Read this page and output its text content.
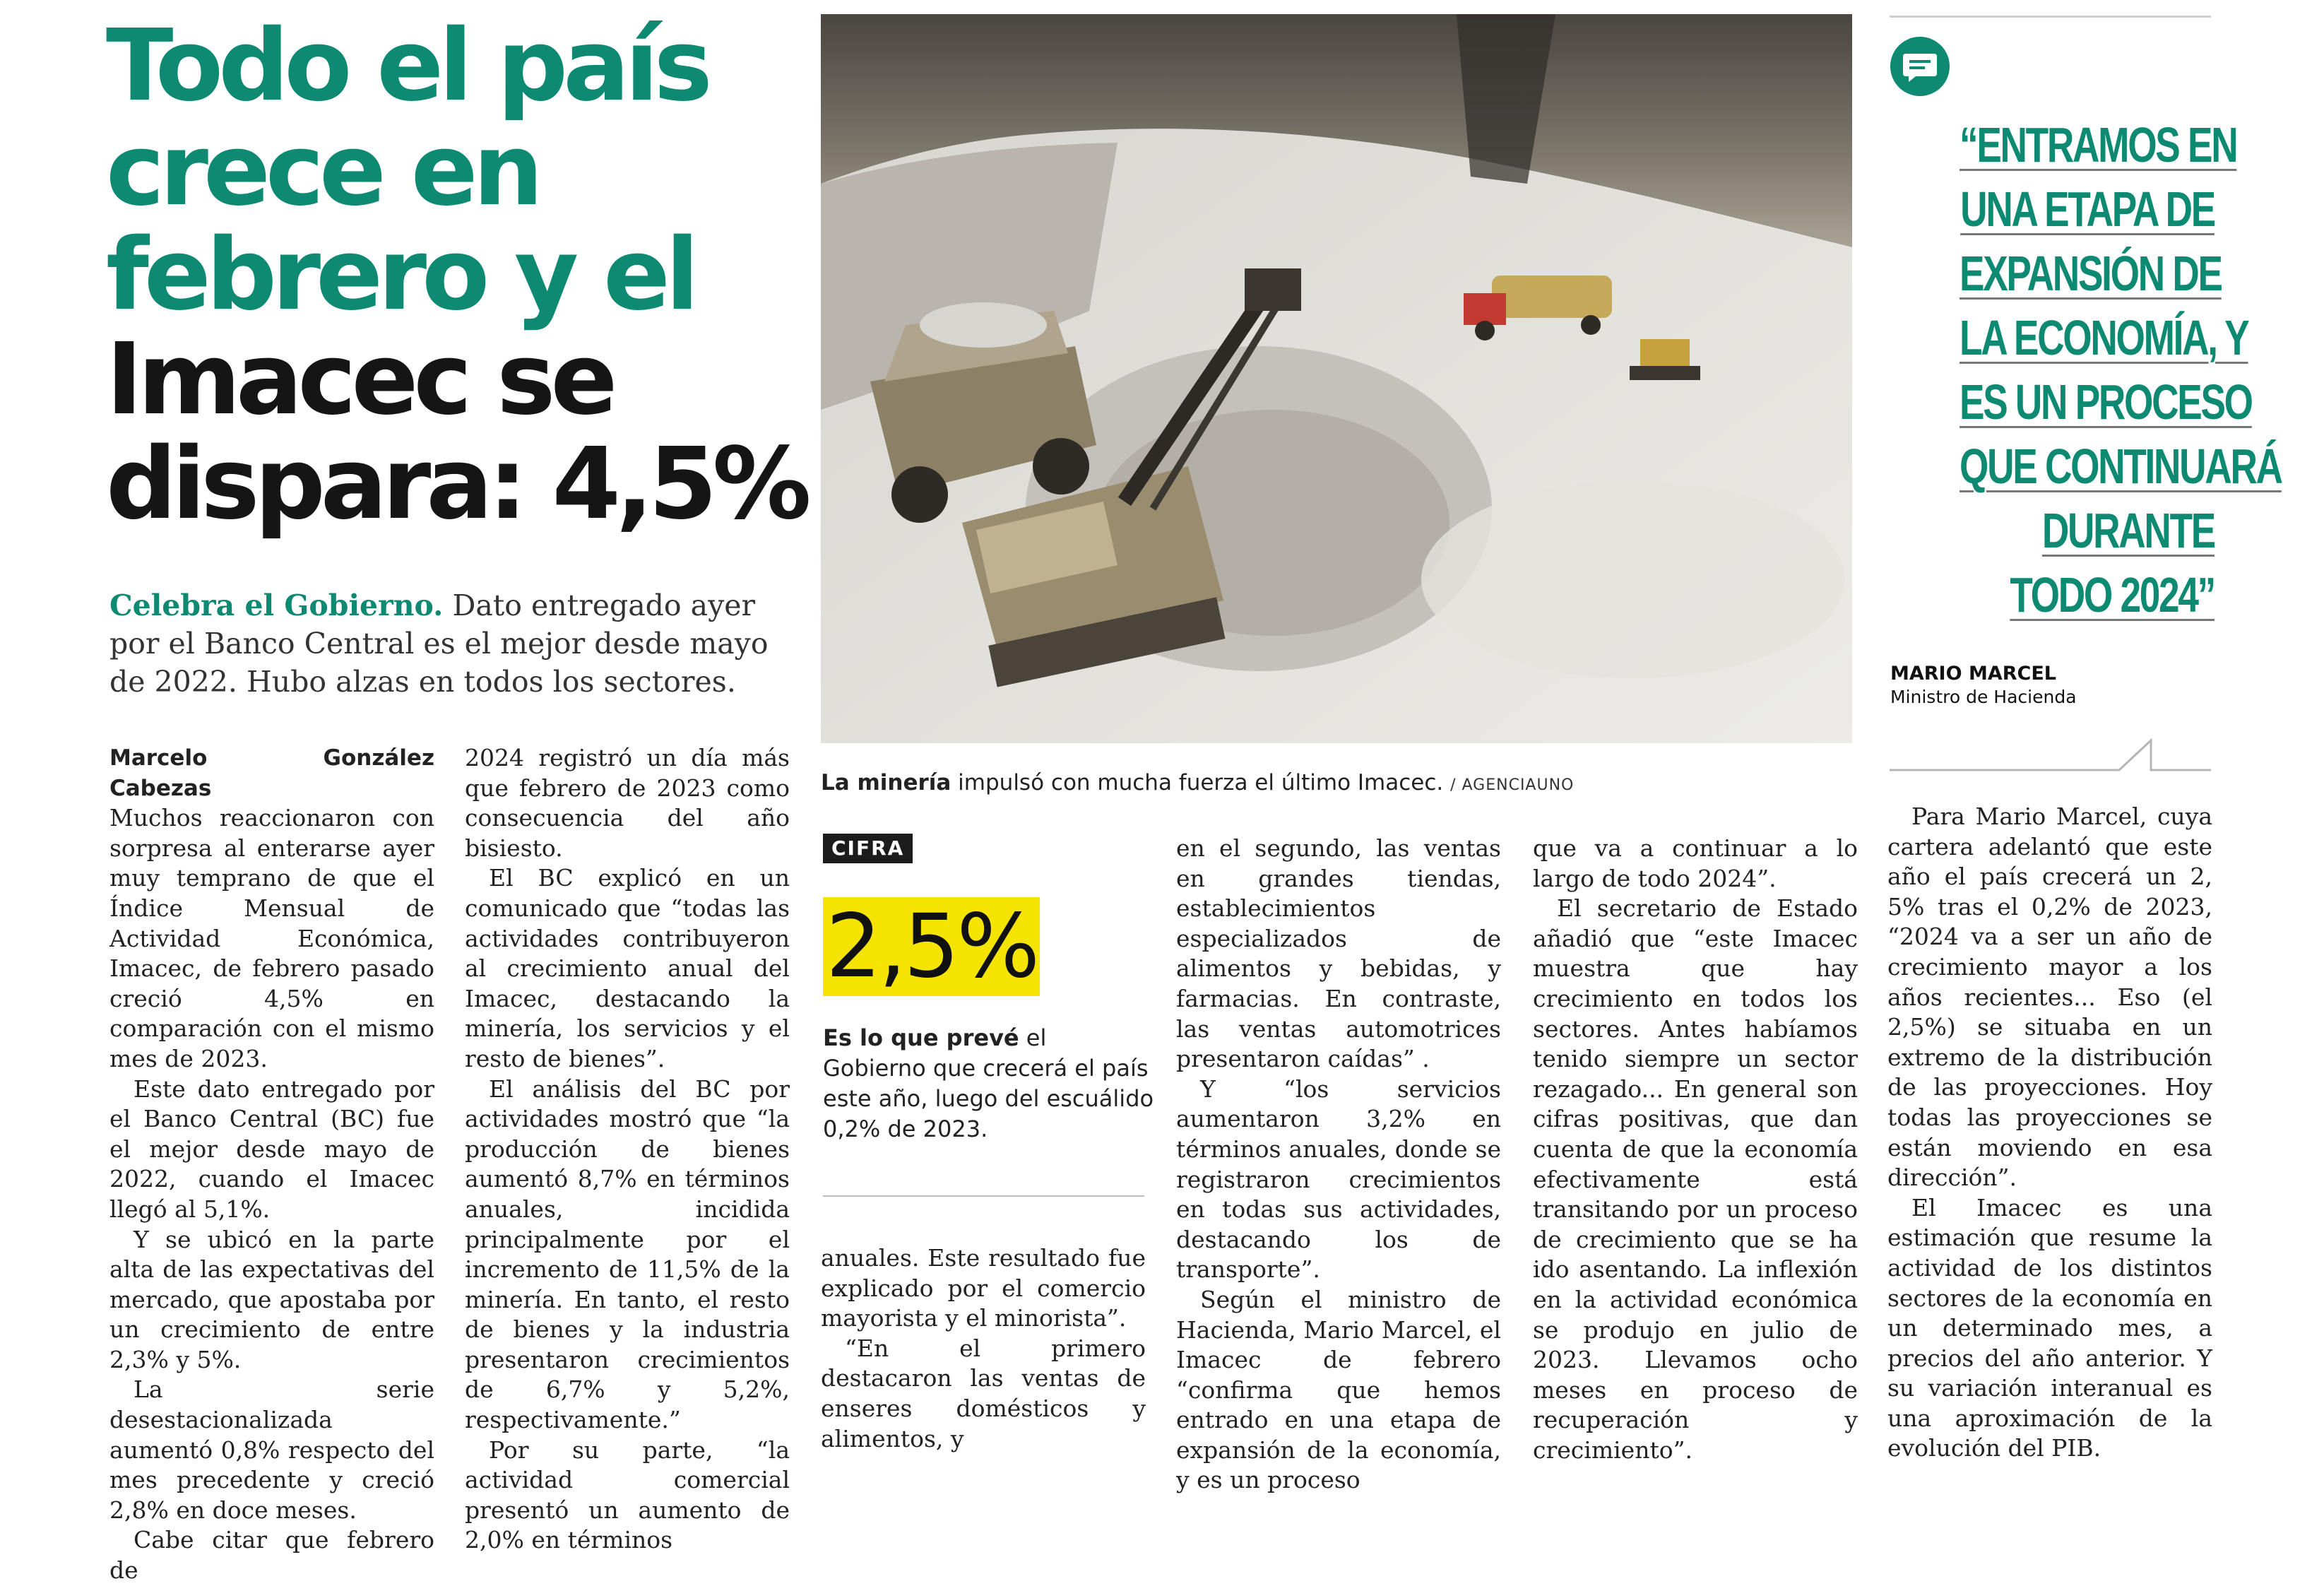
Todo el país
crece en
febrero y el
Imacec se
dispara: 4,5%
Celebra el Gobierno. Dato entregado ayer por el Banco Central es el mejor desde mayo de 2022. Hubo alzas en todos los sectores.
Marcelo González Cabezas

Muchos reaccionaron con sorpresa al enterarse ayer muy temprano de que el Índice Mensual de Actividad Económica, Imacec, de febrero pasado creció 4,5% en comparación con el mismo mes de 2023.

Este dato entregado por el Banco Central (BC) fue el mejor desde mayo de 2022, cuando el Imacec llegó al 5,1%.

Y se ubicó en la parte alta de las expectativas del mercado, que apostaba por un crecimiento de entre 2,3% y 5%.

La serie desestacionalizada aumentó 0,8% respecto del mes precedente y creció 2,8% en doce meses.

Cabe citar que febrero de

2024 registró un día más que febrero de 2023 como consecuencia del año bisiesto.

El BC explicó en un comunicado que “todas las actividades contribuyeron al crecimiento anual del Imacec, destacando la minería, los servicios y el resto de bienes”.

El análisis del BC por actividades mostró que “la producción de bienes aumentó 8,7% en términos anuales, incidida principalmente por el incremento de 11,5% de la minería. En tanto, el resto de bienes y la industria presentaron crecimientos de 6,7% y 5,2%, respectivamente.”

Por su parte, “la actividad comercial presentó un aumento de 2,0% en términos

La minería impulsó con mucha fuerza el último Imacec. / AGENCIAUNO
CIFRA
2,5%
Es lo que prevé el Gobierno que crecerá el país este año, luego del escuálido 0,2% de 2023.

anuales. Este resultado fue explicado por el comercio mayorista y el minorista”.

“En el primero destacaron las ventas de enseres domésticos y alimentos, y

en el segundo, las ventas en grandes tiendas, establecimientos especializados de alimentos y bebidas, y farmacias. En contraste, las ventas automotrices presentaron caídas” .

Y “los servicios aumentaron 3,2% en términos anuales, donde se registraron crecimientos en todas sus actividades, destacando los de transporte”.

Según el ministro de Hacienda, Mario Marcel, el Imacec de febrero “confirma que hemos entrado en una etapa de expansión de la economía, y es un proceso

que va a continuar a lo largo de todo 2024”.

El secretario de Estado añadió que “este Imacec muestra que hay crecimiento en todos los sectores. Antes habíamos tenido siempre un sector rezagado... En general son cifras positivas, que dan cuenta de que la economía efectivamente está transitando por un proceso de crecimiento que se ha ido asentando. La inflexión en la actividad económica se produjo en julio de 2023. Llevamos ocho meses en proceso de recuperación y crecimiento”.

Para Mario Marcel, cuya cartera adelantó que este año el país crecerá un 2, 5% tras el 0,2% de 2023, “2024 va a ser un año de crecimiento mayor a los años recientes... Eso (el 2,5%) se situaba en un extremo de la distribución de las proyecciones. Hoy todas las proyecciones se están moviendo en esa dirección”.

El Imacec es una estimación que resume la actividad de los distintos sectores de la economía en un determinado mes, a precios del año anterior. Y su variación interanual es una aproximación de la evolución del PIB.

“ENTRAMOS EN
UNA ETAPA DE
EXPANSIÓN DE
LA ECONOMÍA, Y
ES UN PROCESO
QUE CONTINUARÁ
DURANTE
TODO 2024”
MARIO MARCEL
Ministro de Hacienda
